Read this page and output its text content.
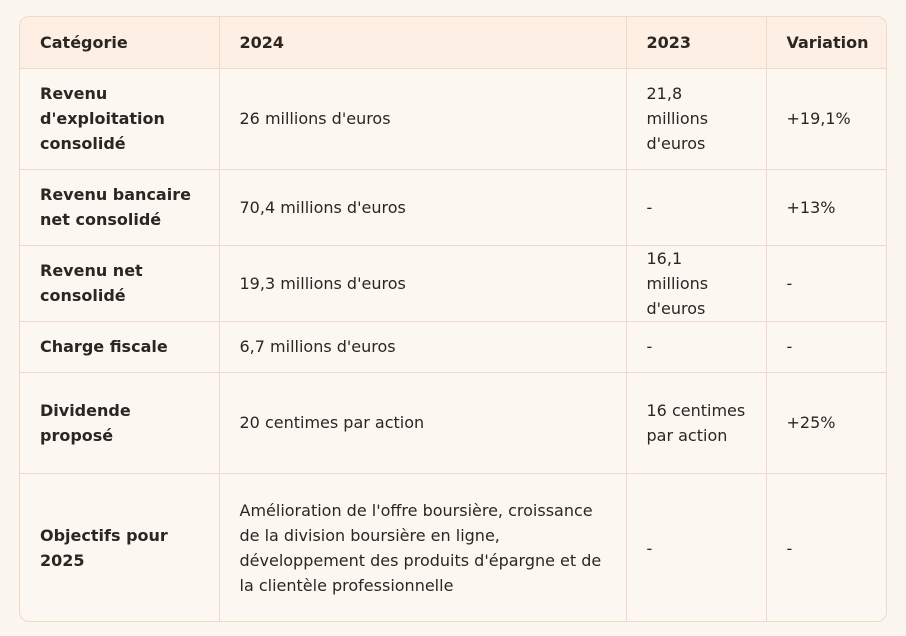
Catégorie	2024	2023	Variation
Revenu d'exploitation consolidé	26 millions d'euros	21,8 millions d'euros	+19,1%
Revenu bancaire net consolidé	70,4 millions d'euros	-	+13%
Revenu net consolidé	19,3 millions d'euros	16,1 millions d'euros	-
Charge fiscale	6,7 millions d'euros	-	-
Dividende proposé	20 centimes par action	16 centimes par action	+25%
Objectifs pour 2025	Amélioration de l'offre boursière, croissance de la division boursière en ligne, développement des produits d'épargne et de la clientèle professionnelle	-	-
